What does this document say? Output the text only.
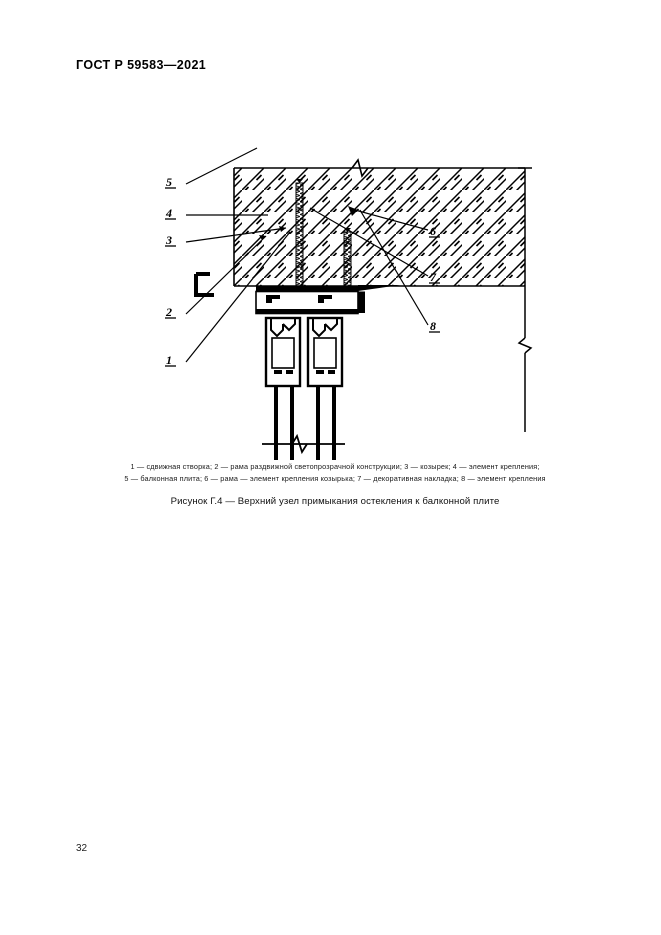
ГОСТ Р 59583—2021
5
4
3
2
1
6
7
8
1 — сдвижная створка; 2 — рама раздвижной светопрозрачной конструкции; 3 — козырек; 4 — элемент крепления;
5 — балконная плита; 6 — рама — элемент крепления козырька; 7 — декоративная накладка; 8 — элемент крепления
Рисунок Г.4 — Верхний узел примыкания остекления к балконной плите
32
